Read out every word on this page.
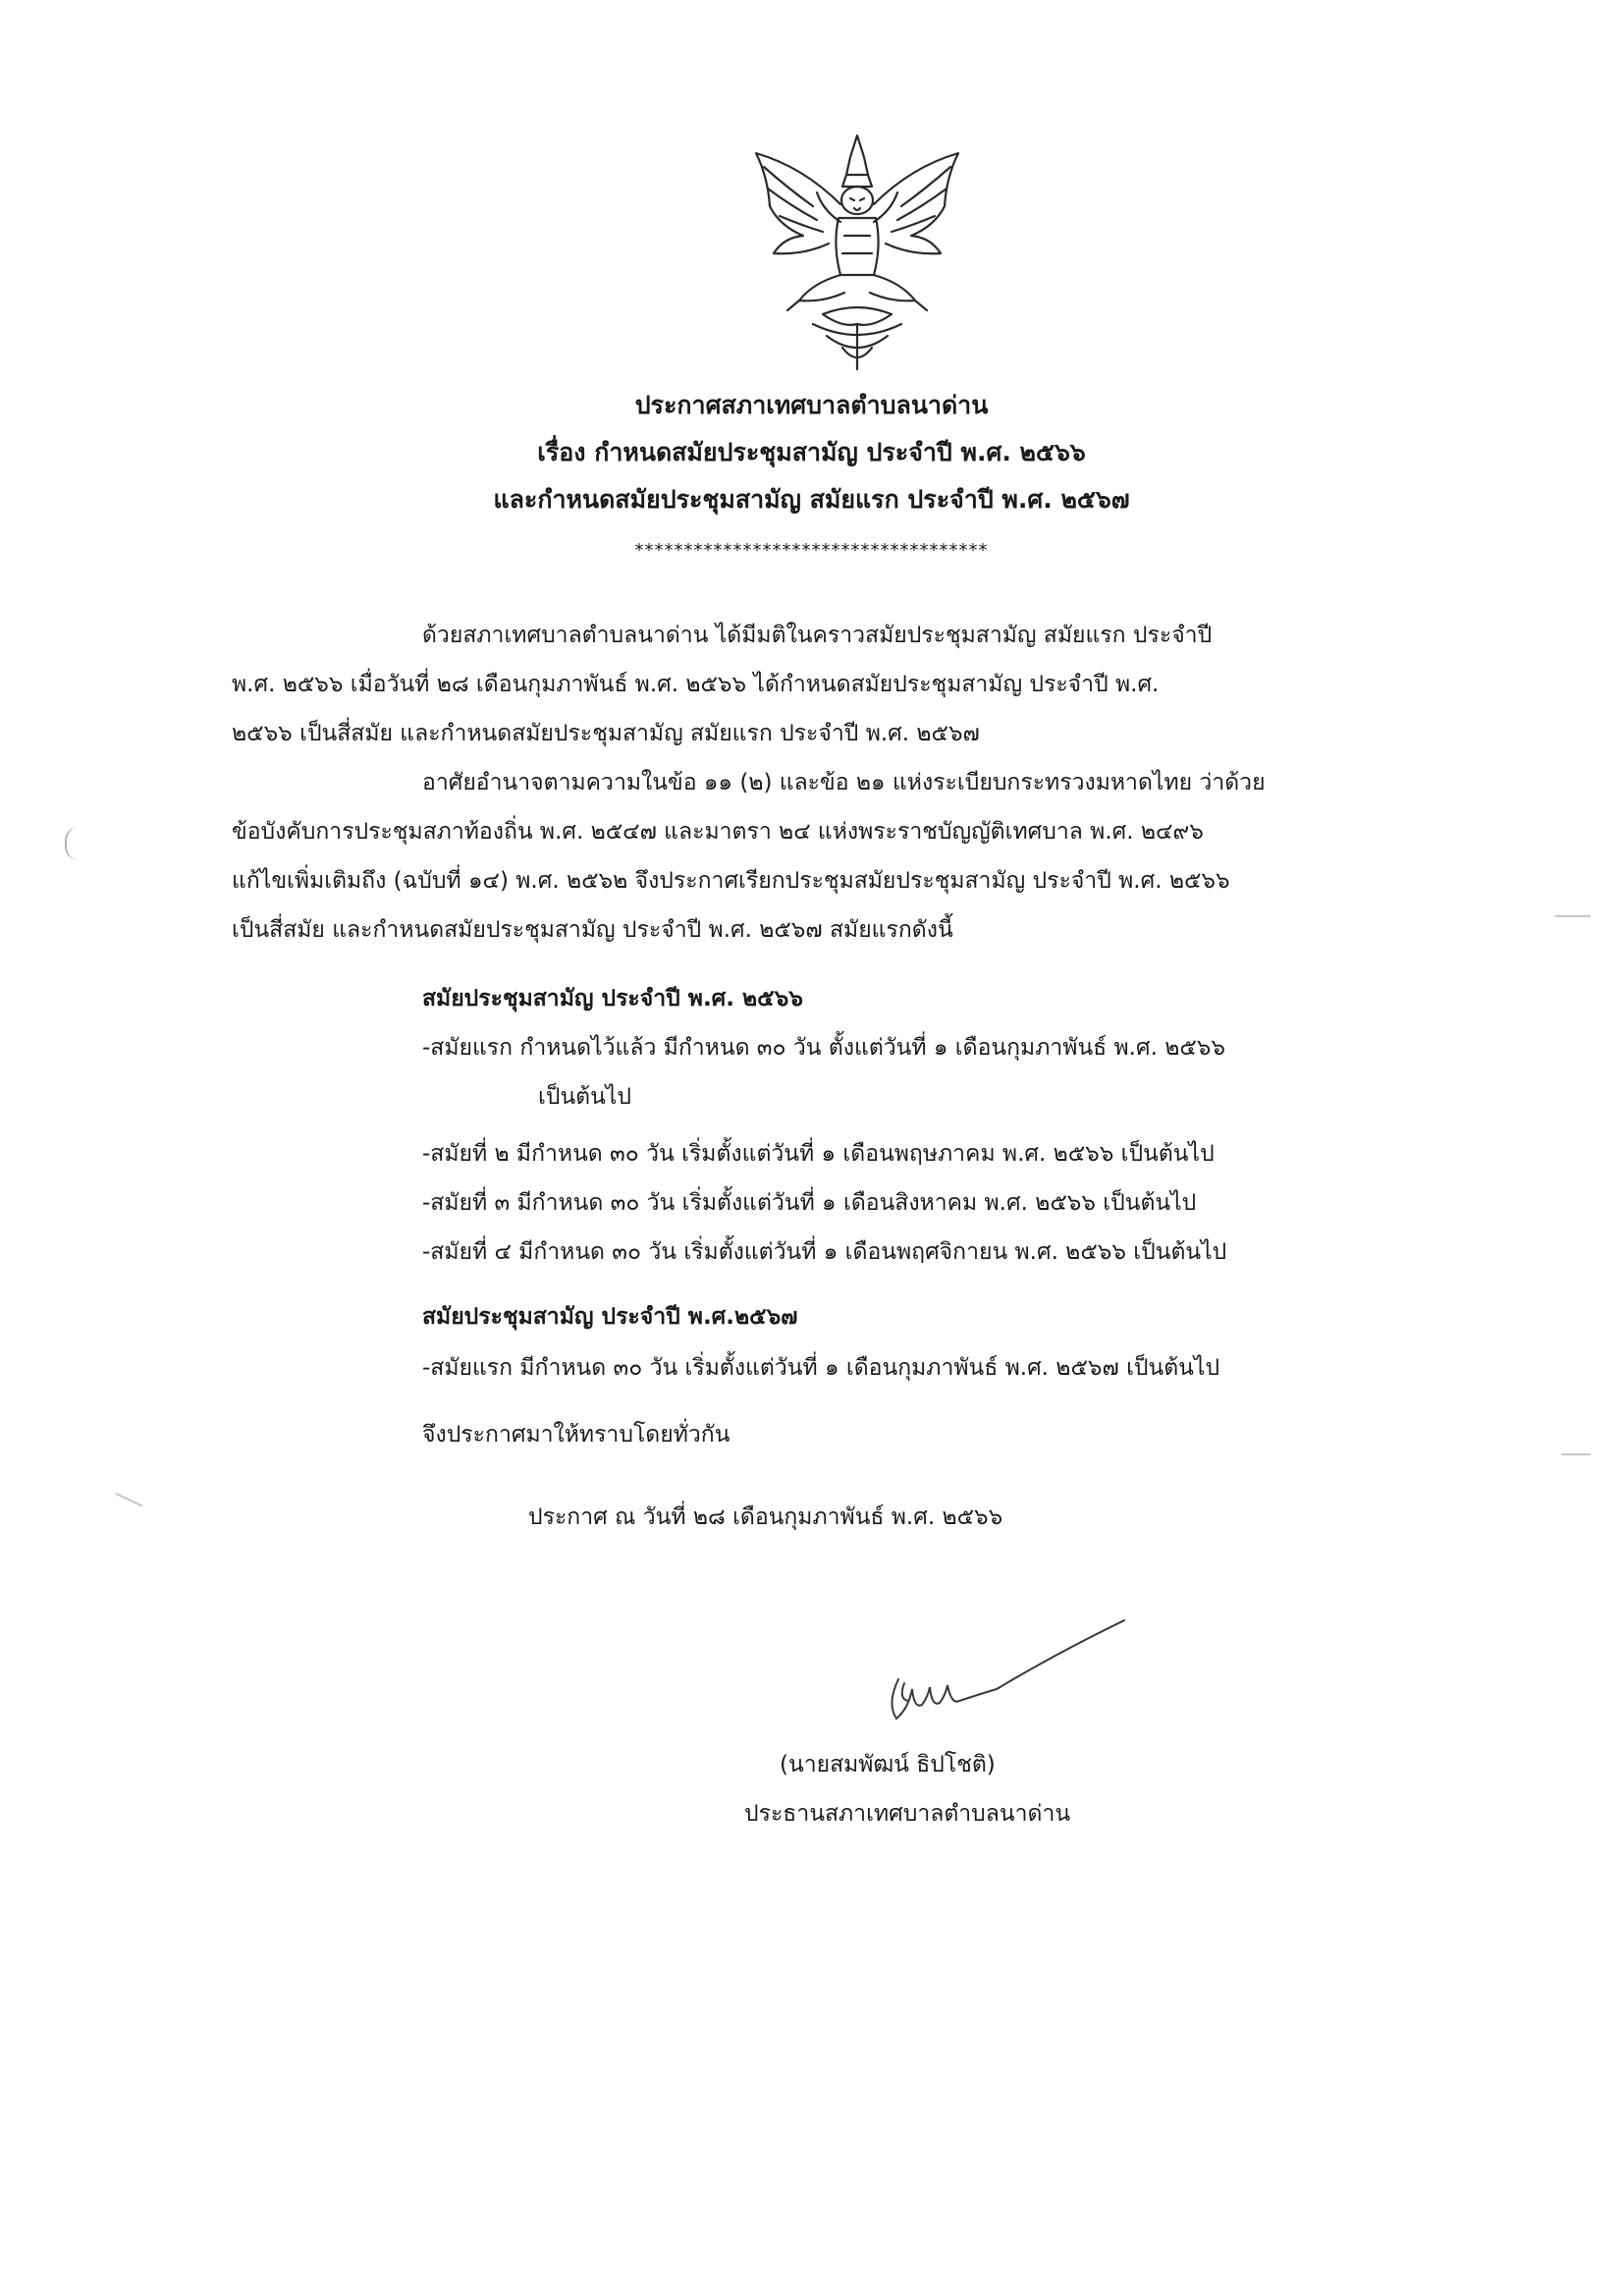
ประกาศสภาเทศบาลตำบลนาด่าน
เรื่อง กำหนดสมัยประชุมสามัญ ประจำปี พ.ศ. ๒๕๖๖
และกำหนดสมัยประชุมสามัญ สมัยแรก ประจำปี พ.ศ. ๒๕๖๗
************************************
ด้วยสภาเทศบาลตำบลนาด่าน ได้มีมติในคราวสมัยประชุมสามัญ สมัยแรก ประจำปี
พ.ศ. ๒๕๖๖ เมื่อวันที่ ๒๘ เดือนกุมภาพันธ์ พ.ศ. ๒๕๖๖ ได้กำหนดสมัยประชุมสามัญ ประจำปี พ.ศ.
๒๕๖๖ เป็นสี่สมัย และกำหนดสมัยประชุมสามัญ สมัยแรก ประจำปี พ.ศ. ๒๕๖๗
อาศัยอำนาจตามความในข้อ ๑๑ (๒) และข้อ ๒๑ แห่งระเบียบกระทรวงมหาดไทย ว่าด้วย
ข้อบังคับการประชุมสภาท้องถิ่น พ.ศ. ๒๕๔๗ และมาตรา ๒๔ แห่งพระราชบัญญัติเทศบาล พ.ศ. ๒๔๙๖
แก้ไขเพิ่มเติมถึง (ฉบับที่ ๑๔) พ.ศ. ๒๕๖๒ จึงประกาศเรียกประชุมสมัยประชุมสามัญ ประจำปี พ.ศ. ๒๕๖๖
เป็นสี่สมัย และกำหนดสมัยประชุมสามัญ ประจำปี พ.ศ. ๒๕๖๗ สมัยแรกดังนี้
สมัยประชุมสามัญ ประจำปี พ.ศ. ๒๕๖๖
-สมัยแรก กำหนดไว้แล้ว มีกำหนด ๓๐ วัน ตั้งแต่วันที่ ๑ เดือนกุมภาพันธ์ พ.ศ. ๒๕๖๖
เป็นต้นไป
-สมัยที่ ๒ มีกำหนด ๓๐ วัน เริ่มตั้งแต่วันที่ ๑ เดือนพฤษภาคม พ.ศ. ๒๕๖๖ เป็นต้นไป
-สมัยที่ ๓ มีกำหนด ๓๐ วัน เริ่มตั้งแต่วันที่ ๑ เดือนสิงหาคม พ.ศ. ๒๕๖๖ เป็นต้นไป
-สมัยที่ ๔ มีกำหนด ๓๐ วัน เริ่มตั้งแต่วันที่ ๑ เดือนพฤศจิกายน พ.ศ. ๒๕๖๖ เป็นต้นไป
สมัยประชุมสามัญ ประจำปี พ.ศ.๒๕๖๗
-สมัยแรก มีกำหนด ๓๐ วัน เริ่มตั้งแต่วันที่ ๑ เดือนกุมภาพันธ์ พ.ศ. ๒๕๖๗ เป็นต้นไป
จึงประกาศมาให้ทราบโดยทั่วกัน
ประกาศ ณ วันที่ ๒๘ เดือนกุมภาพันธ์ พ.ศ. ๒๕๖๖
(นายสมพัฒน์ ธิปโชติ)
ประธานสภาเทศบาลตำบลนาด่าน
